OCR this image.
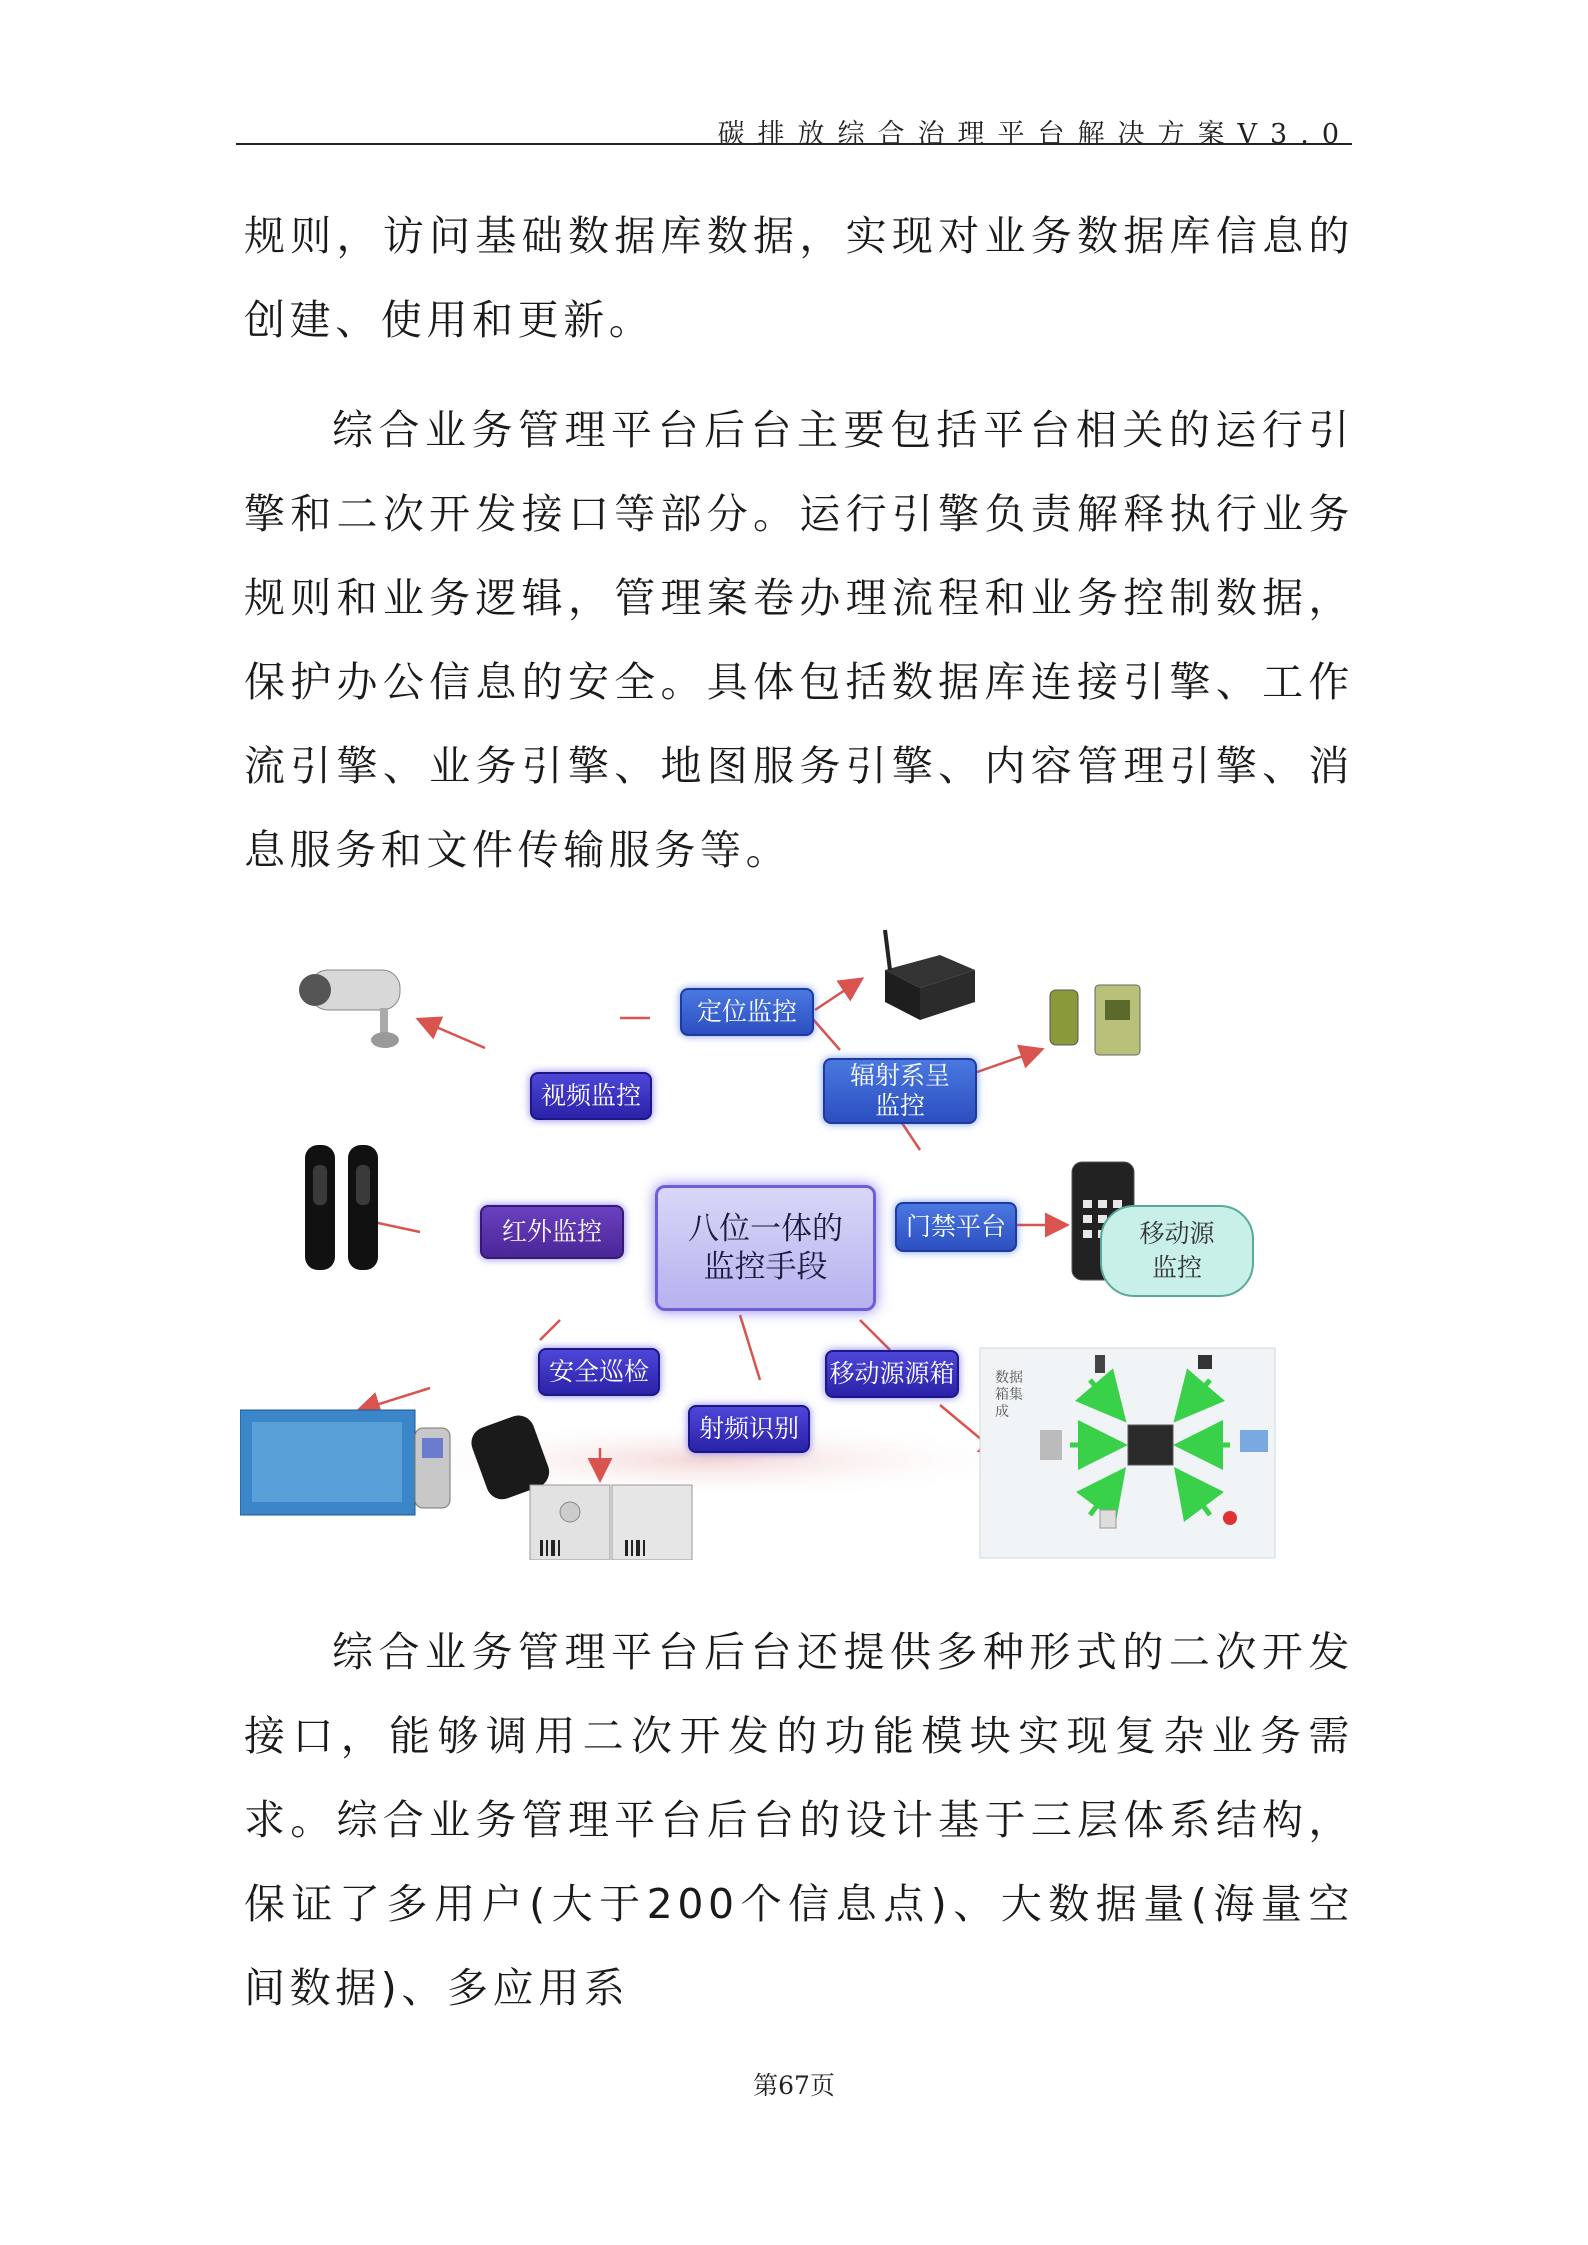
碳排放综合治理平台解决方案V3.0

规则，访问基础数据库数据，实现对业务数据库信息的创建、使用和更新。

综合业务管理平台后台主要包括平台相关的运行引擎和二次开发接口等部分。运行引擎负责解释执行业务规则和业务逻辑，管理案卷办理流程和业务控制数据，保护办公信息的安全。具体包括数据库连接引擎、工作流引擎、业务引擎、地图服务引擎、内容管理引擎、消息服务和文件传输服务等。

数据箱集成
定位监控
视频监控
辐射系呈
监控
红外监控	八位一体的
监控手段
门禁平台	移动源
监控
安全巡检	移动源源箱
射频识别

综合业务管理平台后台还提供多种形式的二次开发接口，能够调用二次开发的功能模块实现复杂业务需求。综合业务管理平台后台的设计基于三层体系结构，保证了多用户(大于200个信息点)、大数据量(海量空间数据)、多应用系

第67页
